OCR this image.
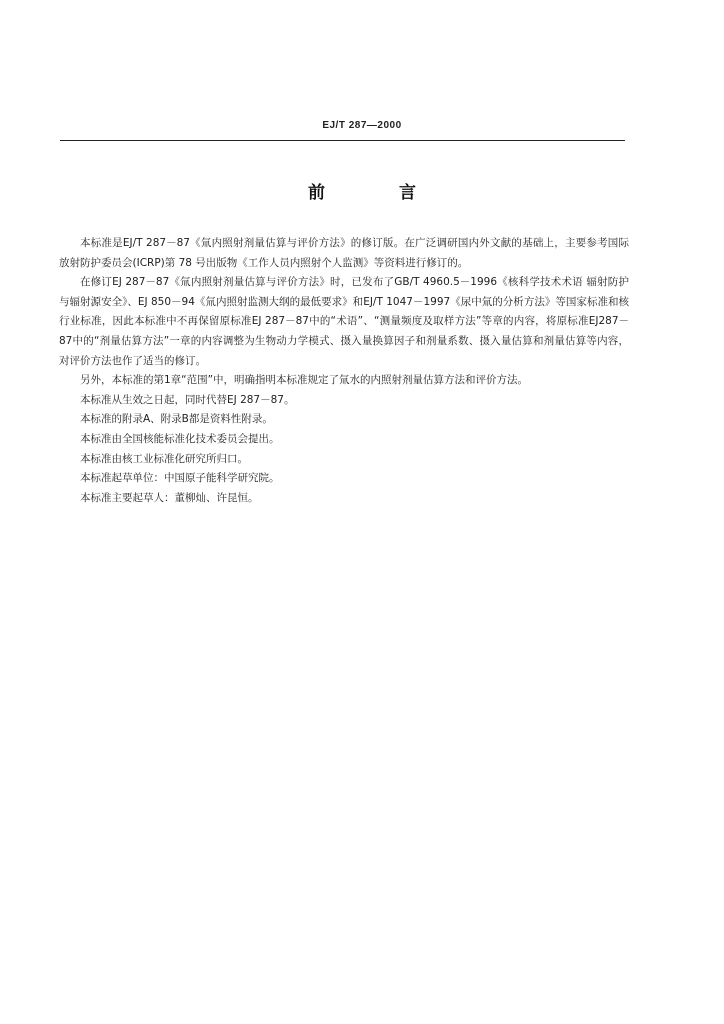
EJ/T 287—2000
前 言

本标准是EJ/T 287－87《氚内照射剂量估算与评价方法》的修订版。在广泛调研国内外文献的基础上，主要参考国际放射防护委员会(ICRP)第 78 号出版物《工作人员内照射个人监测》等资料进行修订的。

在修订EJ 287－87《氚内照射剂量估算与评价方法》时，已发布了GB/T 4960.5－1996《核科学技术术语 辐射防护与辐射源安全》、EJ 850－94《氚内照射监测大纲的最低要求》和EJ/T 1047－1997《尿中氚的分析方法》等国家标准和核行业标准，因此本标准中不再保留原标准EJ 287－87中的“术语”、“测量频度及取样方法”等章的内容，将原标准EJ287－87中的“剂量估算方法”一章的内容调整为生物动力学模式、摄入量换算因子和剂量系数、摄入量估算和剂量估算等内容，对评价方法也作了适当的修订。

另外，本标准的第1章“范围”中，明确指明本标准规定了氚水的内照射剂量估算方法和评价方法。

本标准从生效之日起，同时代替EJ 287－87。

本标准的附录A、附录B都是资料性附录。

本标准由全国核能标准化技术委员会提出。

本标准由核工业标准化研究所归口。

本标准起草单位：中国原子能科学研究院。

本标准主要起草人：董柳灿、许昆恒。
